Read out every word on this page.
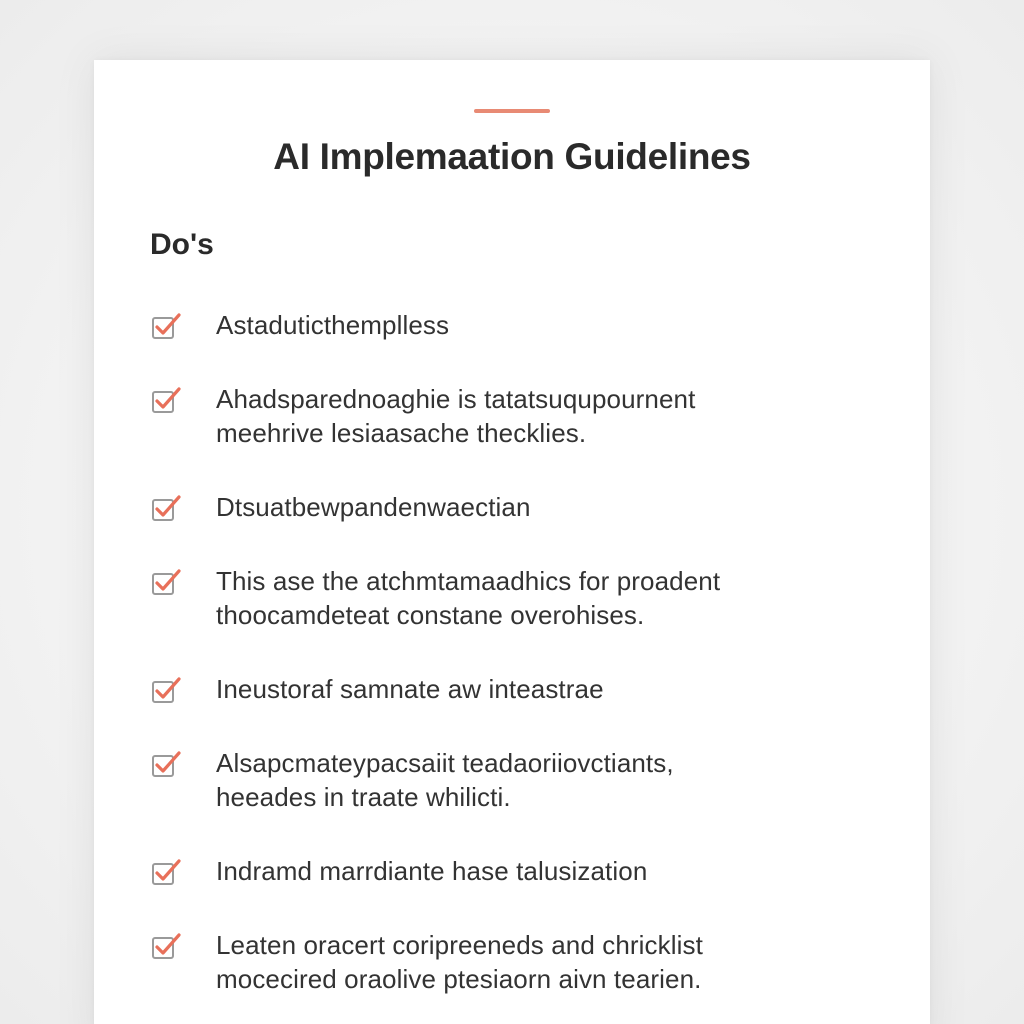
AI Implemaation Guidelines
Do's
Astaduticthemplless
Ahadsparednoaghie is tatatsuqupournent
meehrive lesiaasache thecklies.
Dtsuatbewpandenwaectian
This ase the atchmtamaadhics for proadent
thoocamdeteat constane overohises.
Ineustoraf samnate aw inteastrae
Alsapcmateypacsaiit teadaoriiovctiants,
heeades in traate whilicti.
Indramd marrdiante hase talusization
Leaten oracert coripreeneds and chricklist
mocecired oraolive ptesiaorn aivn tearien.
